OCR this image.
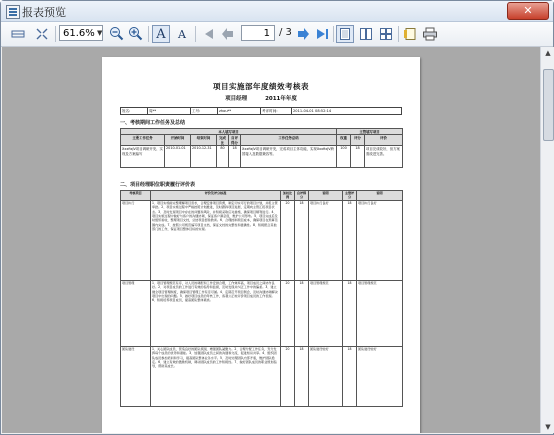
报表预览	✕
61.6% ▼	A A	1 / 3
项目实施部年度绩效考核表
项目经理	2011年年度
姓名:	周**	工号:	zhou**	考评时间:	2011-04-01 08:52:14
一、考核期间工作任务及总结
本人填写项目						主管填写项目		
主要工作任务	开始时间	结束时间	完成比	自评得分	工作任务总结	权重	评分	评价
XxxfixJV项目调研开发、实现及方案编写	2010-01-01	2010-12-31	80	18	XxxfixJV项目调研开发，完成项目主体功能，实现XxxfixJV跨国接入及数据兼容等。	100	18	项目完成较好，但方案需改进完善。
二、项目经理职位职责履行评价表
考核项目	评价及评分标准	加权比例	自评得分	说明	主管评分	说明
项目执行	1、项目实施前完整理解项目需求，合理安排项目资源，制定切实可行的项目计划，并报主管审批。2、项目实施过程中严格按照计划推进，及时跟踪项目进展，定期向主管汇报项目状态。3、及时发现项目中存在的问题和风险，并积极采取应对措施，确保项目顺利进行。4、项目实施过程中做好与客户的沟通协调，保证客户满意度，维护公司形象。5、项目完成后及时组织验收，整理项目文档，总结项目经验教训。6、合理控制项目成本，确保项目在预算范围内完成。7、按照公司规范编写项目文档，保证文档的完整性和准确性。8、积极配合其他部门的工作，保证项目整体目标的实现。	20	18	项目执行良好	18	项目执行良好
项目管理	1、项目管理规范有序，对人员的调配和工作安排合理，工作效率高，项目成员之间协作良好。2、对项目成员的工作进行有效的指导和监督，及时发现并纠正工作中的偏差。3、建立健全项目管理制度，确保项目管理工作有章可循。4、定期召开项目例会，及时沟通协调解决项目中出现的问题。5、做好项目成员的考核工作，客观公正地评价项目成员的工作表现。6、积极培养项目成员，提高团队整体素质。	20	18	项目管理规范	18	项目管理规范
团队建设	1、关心团队成员，营造良好的团队氛围，增强团队凝聚力。2、合理分配工作任务，充分发挥每个成员的优势和潜能。3、加强团队成员之间的沟通和交流，促进知识共享。4、组织团队成员参加培训和学习，提高团队整体业务水平。5、及时处理团队内部矛盾，维护团队稳定。6、建立有效的激励机制，调动团队成员的工作积极性。7、做好团队成员的职业规划指导，帮助其成长。	20	18	团队建设较好	18	团队建设较好
▲
▼
